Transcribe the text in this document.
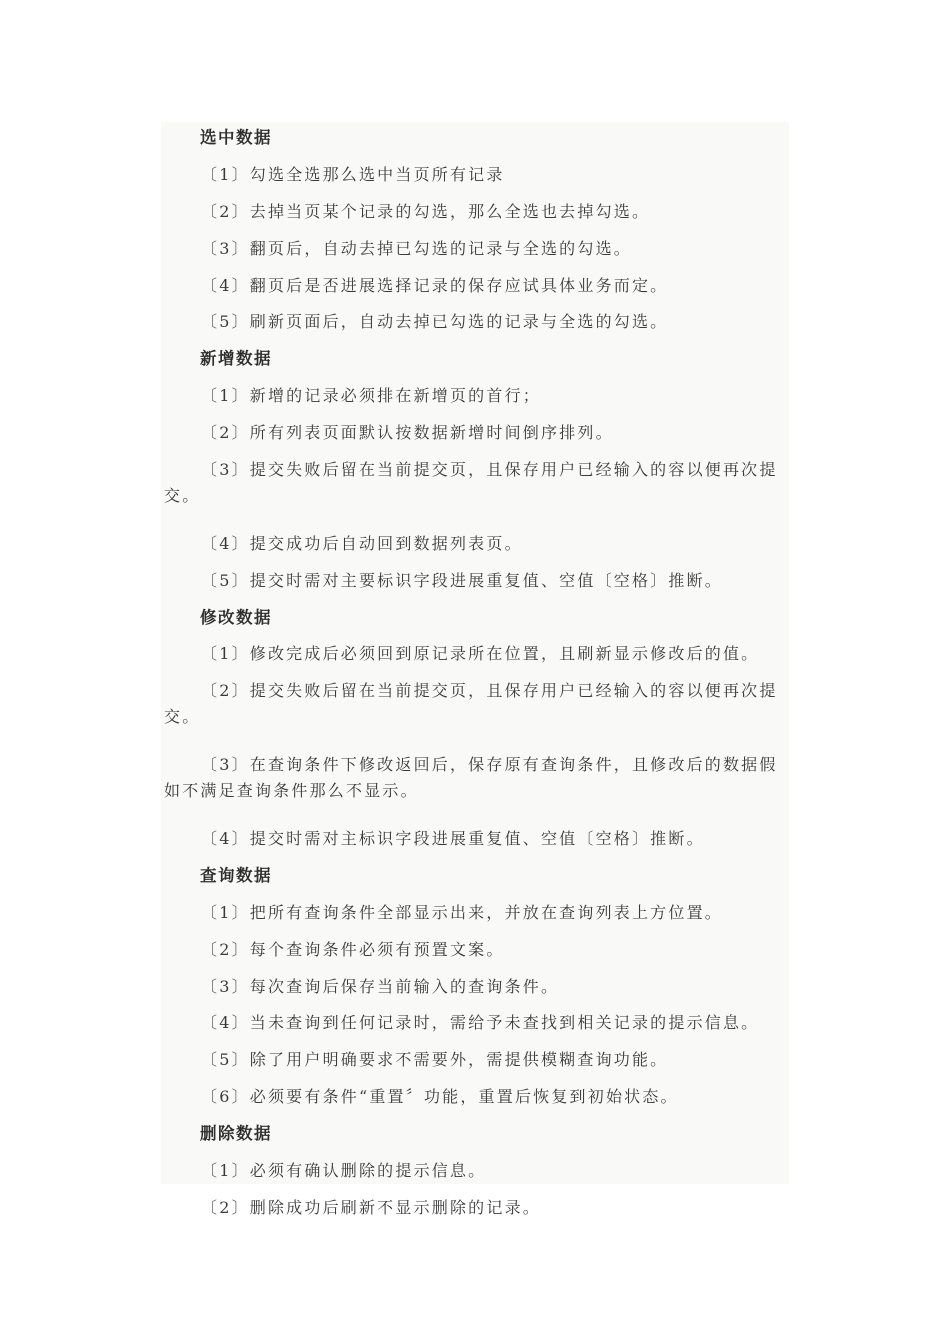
选中数据
〔1〕勾选全选那么选中当页所有记录
〔2〕去掉当页某个记录的勾选，那么全选也去掉勾选。
〔3〕翻页后，自动去掉已勾选的记录与全选的勾选。
〔4〕翻页后是否进展选择记录的保存应试具体业务而定。
〔5〕刷新页面后，自动去掉已勾选的记录与全选的勾选。
新增数据
〔1〕新增的记录必须排在新增页的首行；
〔2〕所有列表页面默认按数据新增时间倒序排列。
〔3〕提交失败后留在当前提交页，且保存用户已经输入的容以便再次提交。
〔4〕提交成功后自动回到数据列表页。
〔5〕提交时需对主要标识字段进展重复值、空值〔空格〕推断。
修改数据
〔1〕修改完成后必须回到原记录所在位置，且刷新显示修改后的值。
〔2〕提交失败后留在当前提交页，且保存用户已经输入的容以便再次提交。
〔3〕在查询条件下修改返回后，保存原有查询条件，且修改后的数据假如不满足查询条件那么不显示。
〔4〕提交时需对主标识字段进展重复值、空值〔空格〕推断。
查询数据
〔1〕把所有查询条件全部显示出来，并放在查询列表上方位置。
〔2〕每个查询条件必须有预置文案。
〔3〕每次查询后保存当前输入的查询条件。
〔4〕当未查询到任何记录时，需给予未查找到相关记录的提示信息。
〔5〕除了用户明确要求不需要外，需提供模糊查询功能。
〔6〕必须要有条件“重置〞功能，重置后恢复到初始状态。
删除数据
〔1〕必须有确认删除的提示信息。
〔2〕删除成功后刷新不显示删除的记录。
